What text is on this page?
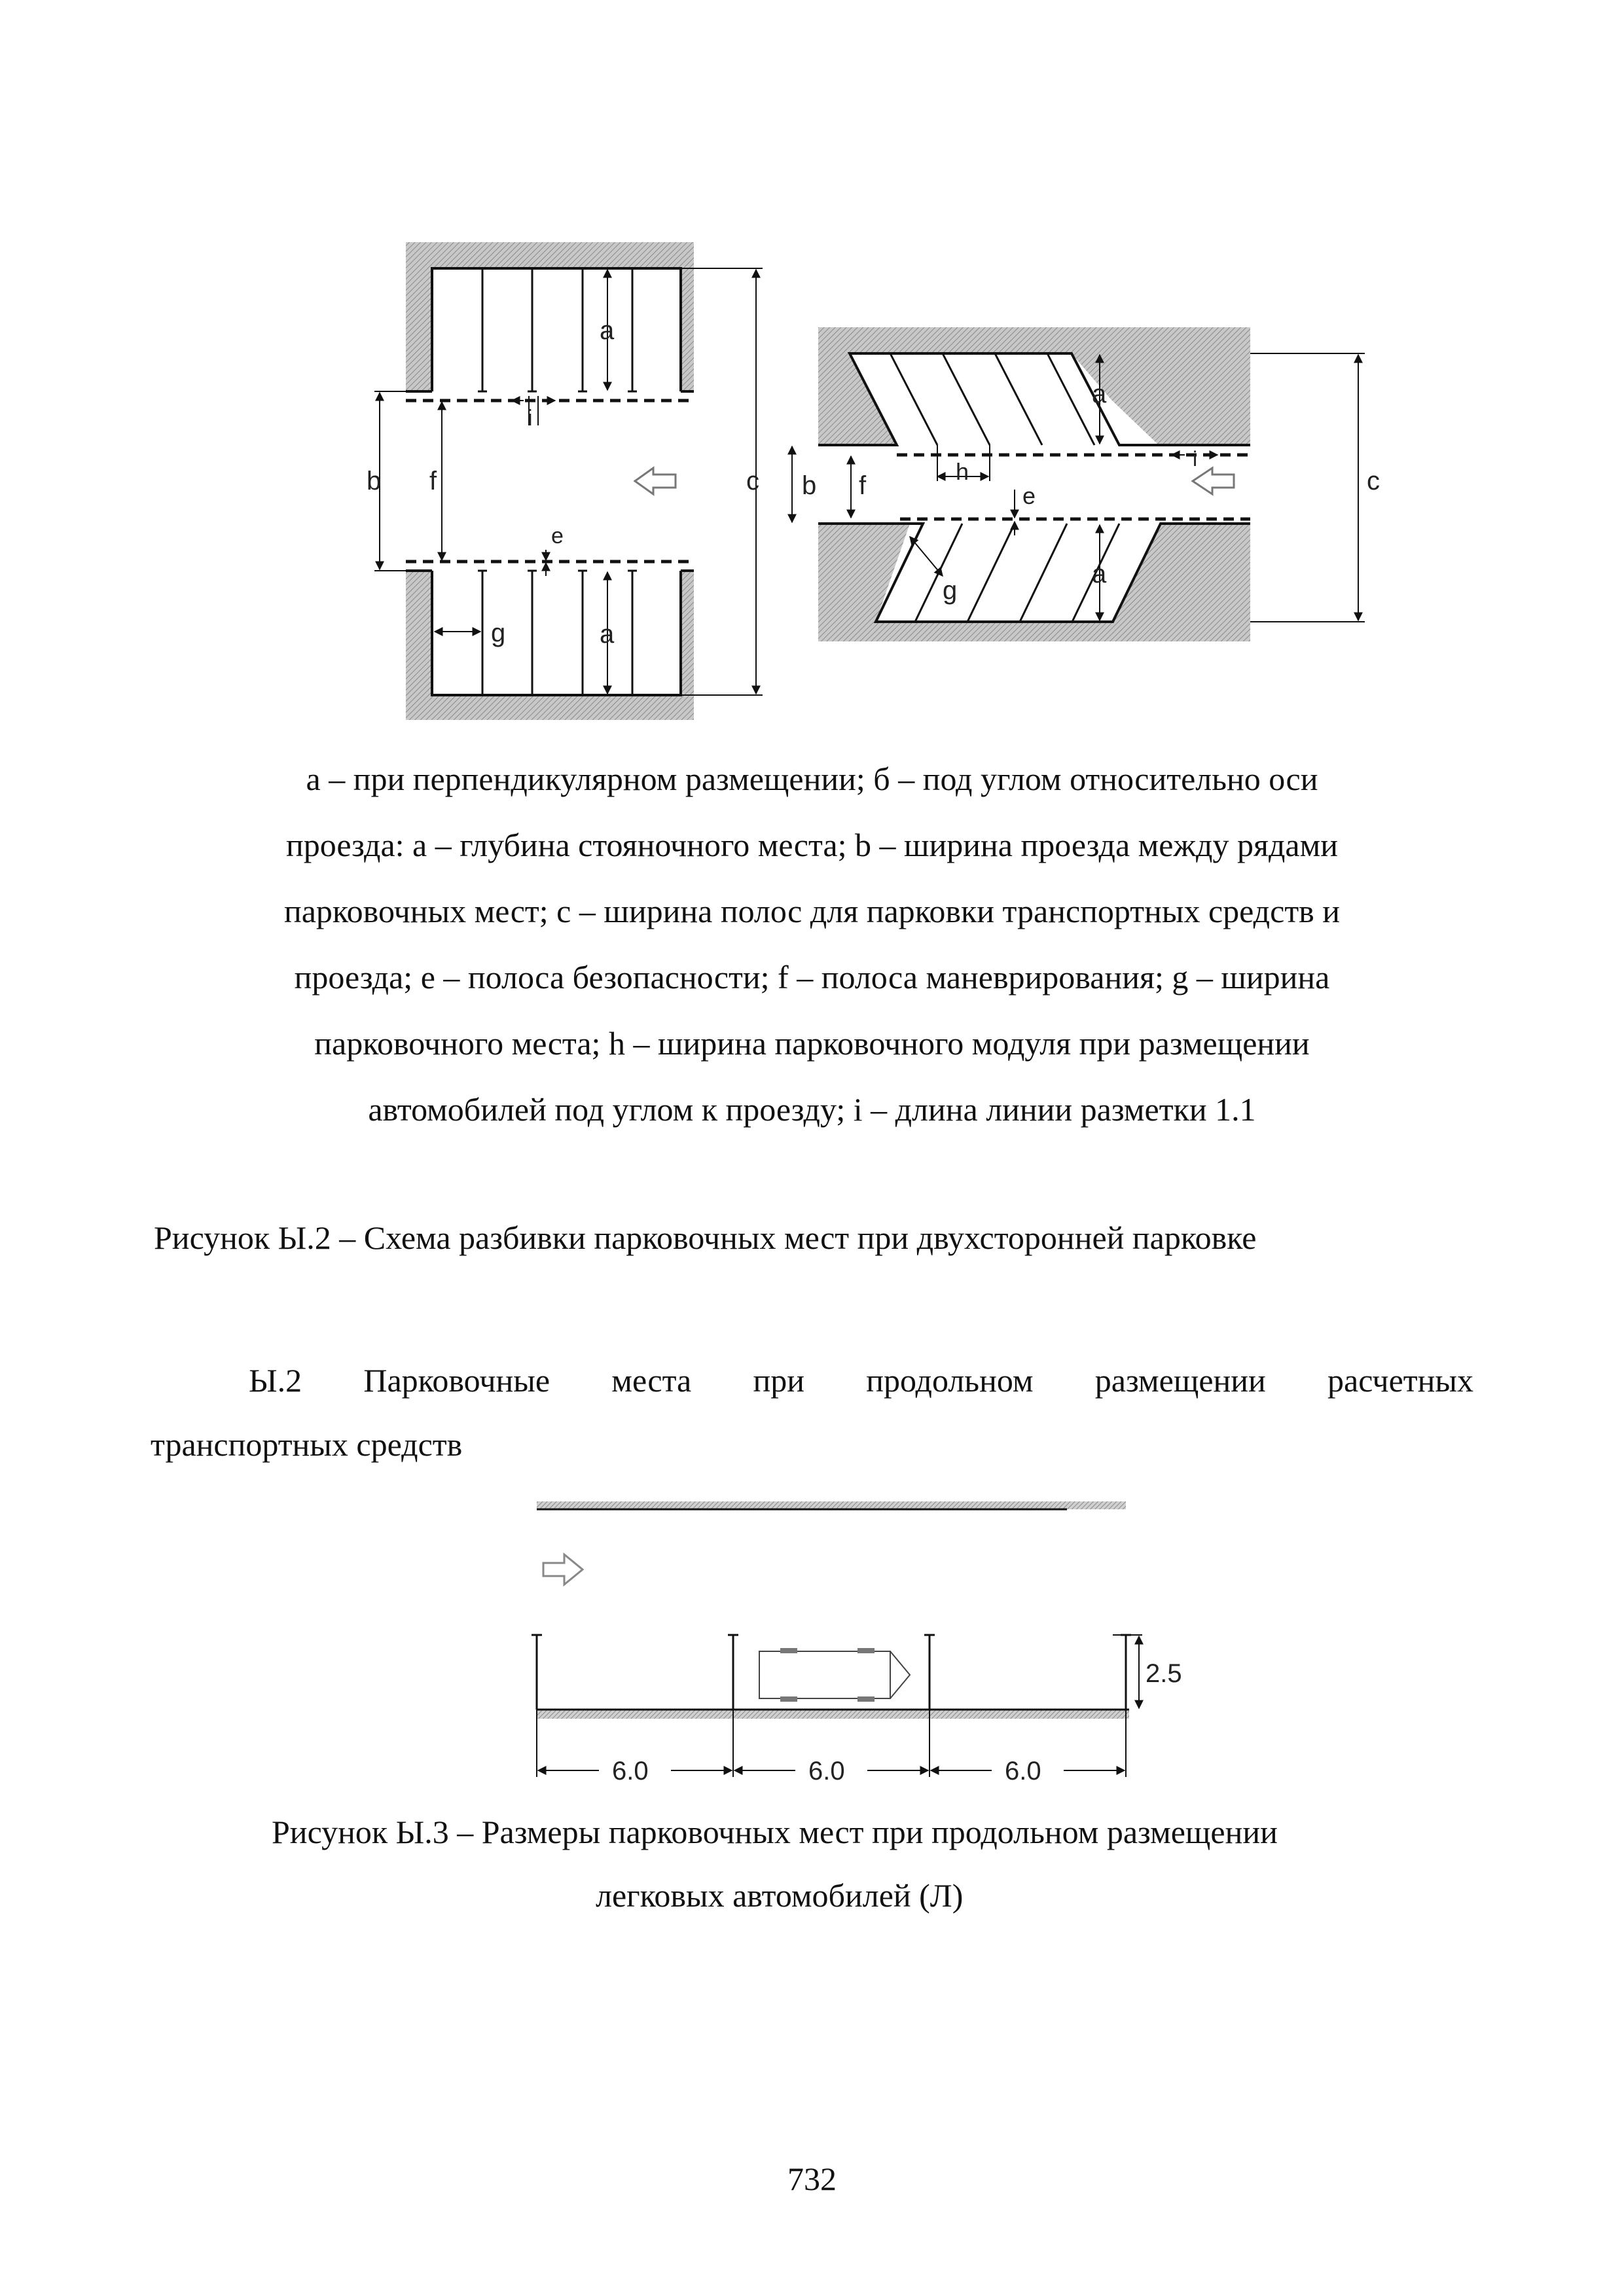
a
a
i
g
b f
e
c
a
a
b f	h
e
g
i
c
а – при перпендикулярном размещении; б – под углом относительно оси
проезда: a – глубина стояночного места; b – ширина проезда между рядами
парковочных мест; c – ширина полос для парковки транспортных средств и
проезда; e – полоса безопасности; f – полоса маневрирования; g – ширина
парковочного места; h – ширина парковочного модуля при размещении
автомобилей под углом к проезду; i – длина линии разметки 1.1
Рисунок Ы.2 – Схема разбивки парковочных мест при двухсторонней парковке
Ы.2 Парковочные места при продольном размещении расчетных
транспортных средств
2.5
6.0	6.0	6.0
Рисунок Ы.3 – Размеры парковочных мест при продольном размещении
легковых автомобилей (Л)
732
